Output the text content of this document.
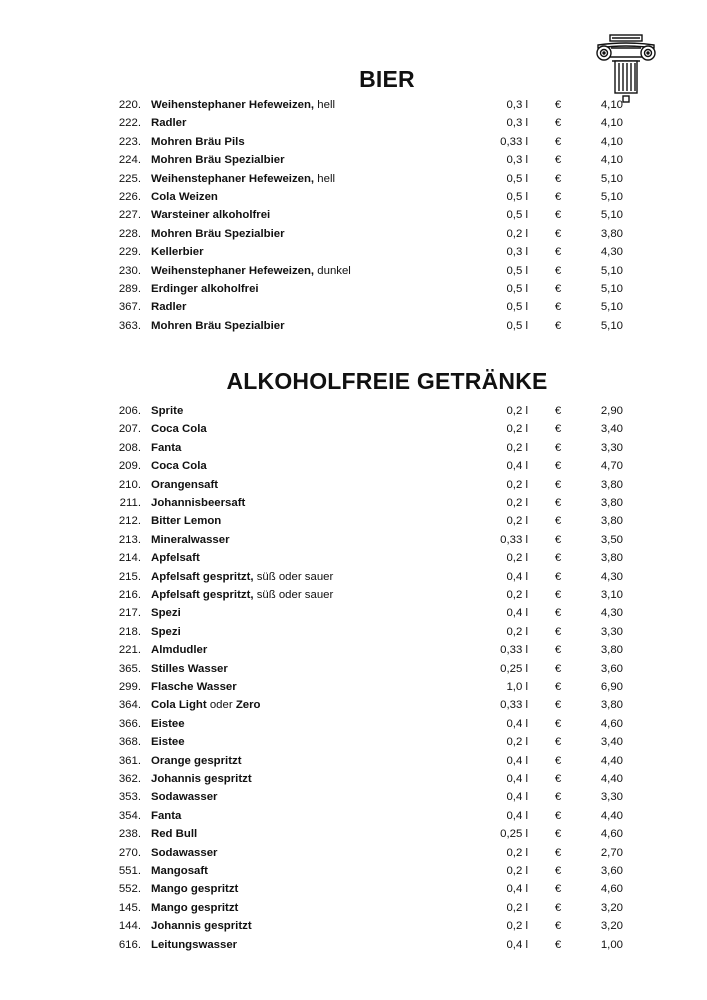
BIER
220. Weihenstephaner Hefeweizen, hell	0,3 l	€	4,10
222. Radler	0,3 l	€	4,10
223. Mohren Bräu Pils	0,33 l	€	4,10
224. Mohren Bräu Spezialbier	0,3 l	€	4,10
225. Weihenstephaner Hefeweizen, hell	0,5 l	€	5,10
226. Cola Weizen	0,5 l	€	5,10
227. Warsteiner alkoholfrei	0,5 l	€	5,10
228. Mohren Bräu Spezialbier	0,2 l	€	3,80
229. Kellerbier	0,3 l	€	4,30
230. Weihenstephaner Hefeweizen, dunkel	0,5 l	€	5,10
289. Erdinger alkoholfrei	0,5 l	€	5,10
367. Radler	0,5 l	€	5,10
363. Mohren Bräu Spezialbier	0,5 l	€	5,10
ALKOHOLFREIE GETRÄNKE
206. Sprite	0,2 l	€	2,90
207. Coca Cola	0,2 l	€	3,40
208. Fanta	0,2 l	€	3,30
209. Coca Cola	0,4 l	€	4,70
210. Orangensaft	0,2 l	€	3,80
211. Johannisbeersaft	0,2 l	€	3,80
212. Bitter Lemon	0,2 l	€	3,80
213. Mineralwasser	0,33 l	€	3,50
214. Apfelsaft	0,2 l	€	3,80
215. Apfelsaft gespritzt, süß oder sauer	0,4 l	€	4,30
216. Apfelsaft gespritzt, süß oder sauer	0,2 l	€	3,10
217. Spezi	0,4 l	€	4,30
218. Spezi	0,2 l	€	3,30
221. Almdudler	0,33 l	€	3,80
365. Stilles Wasser	0,25 l	€	3,60
299. Flasche Wasser	1,0 l	€	6,90
364. Cola Light oder Zero	0,33 l	€	3,80
366. Eistee	0,4 l	€	4,60
368. Eistee	0,2 l	€	3,40
361. Orange gespritzt	0,4 l	€	4,40
362. Johannis gespritzt	0,4 l	€	4,40
353. Sodawasser	0,4 l	€	3,30
354. Fanta	0,4 l	€	4,40
238. Red Bull	0,25 l	€	4,60
270. Sodawasser	0,2 l	€	2,70
551. Mangosaft	0,2 l	€	3,60
552. Mango gespritzt	0,4 l	€	4,60
145. Mango gespritzt	0,2 l	€	3,20
144. Johannis gespritzt	0,2 l	€	3,20
616. Leitungswasser	0,4 l	€	1,00
